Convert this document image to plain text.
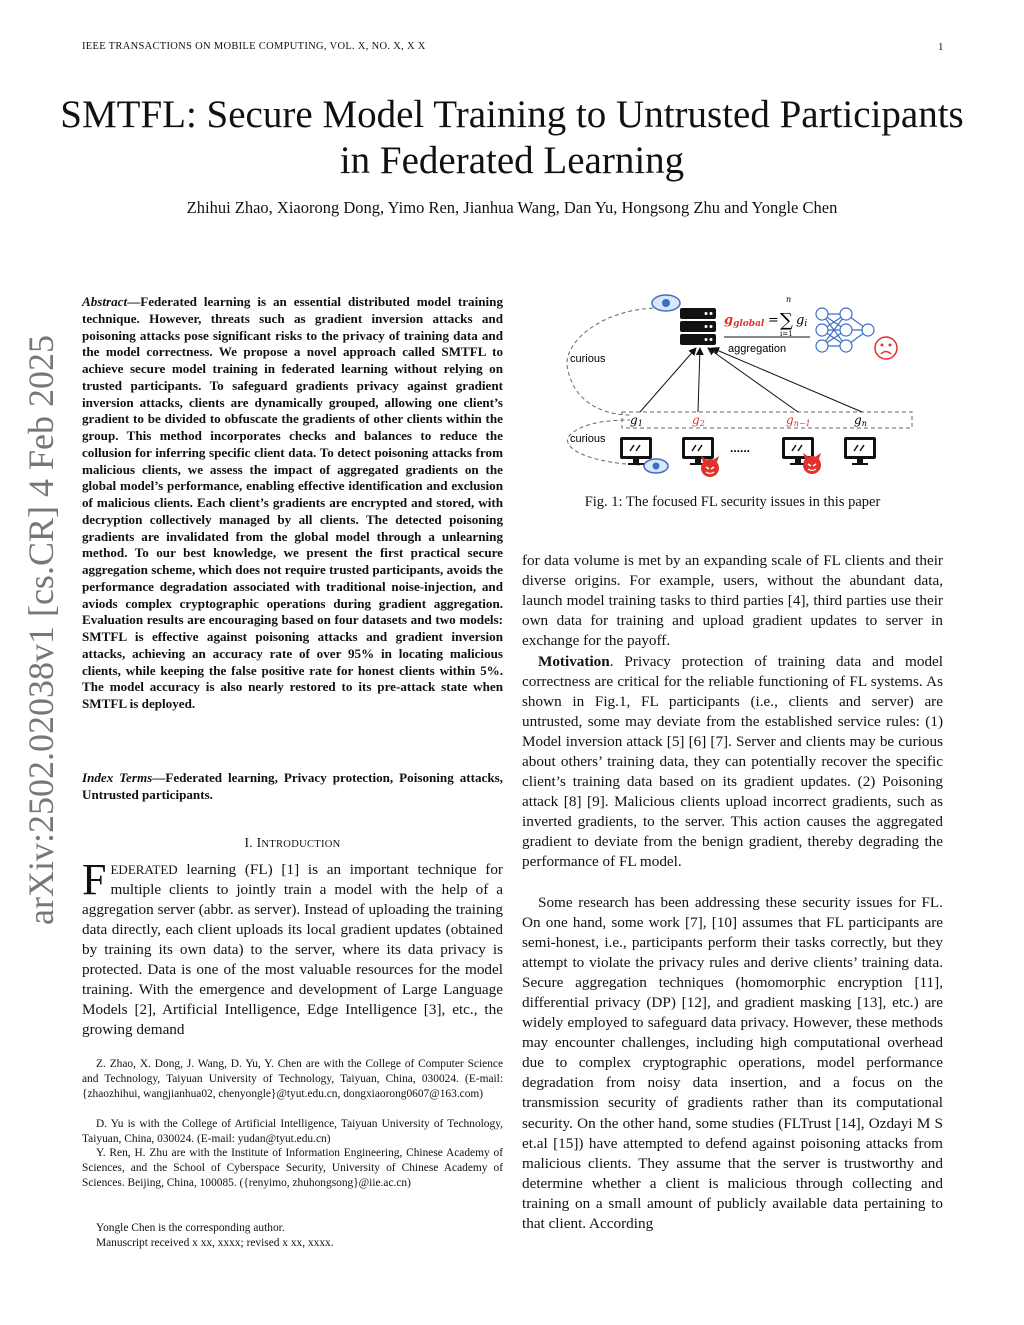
IEEE TRANSACTIONS ON MOBILE COMPUTING, VOL. X, NO. X, X X	1
arXiv:2502.02038v1 [cs.CR] 4 Feb 2025
SMTFL: Secure Model Training to Untrusted Participants in Federated Learning
Zhihui Zhao, Xiaorong Dong, Yimo Ren, Jianhua Wang, Dan Yu, Hongsong Zhu and Yongle Chen
Abstract—Federated learning is an essential distributed model training technique. However, threats such as gradient inversion attacks and poisoning attacks pose significant risks to the privacy of training data and the model correctness. We propose a novel approach called SMTFL to achieve secure model training in federated learning without relying on trusted participants. To safeguard gradients privacy against gradient inversion attacks, clients are dynamically grouped, allowing one client’s gradient to be divided to obfuscate the gradients of other clients within the group. This method incorporates checks and balances to reduce the collusion for inferring specific client data. To detect poisoning attacks from malicious clients, we assess the impact of aggregated gradients on the global model’s performance, enabling effective identification and exclusion of malicious clients. Each client’s gradients are encrypted and stored, with decryption collectively managed by all clients. The detected poisoning gradients are invalidated from the global model through a unlearning method. To our best knowledge, we present the first practical secure aggregation scheme, which does not require trusted participants, avoids the performance degradation associated with traditional noise-injection, and aviods complex cryptographic operations during gradient aggregation. Evaluation results are encouraging based on four datasets and two models: SMTFL is effective against poisoning attacks and gradient inversion attacks, achieving an accuracy rate of over 95% in locating malicious clients, while keeping the false positive rate for honest clients within 5%. The model accuracy is also nearly restored to its pre-attack state when SMTFL is deployed.
Index Terms—Federated learning, Privacy protection, Poisoning attacks, Untrusted participants.
I. INTRODUCTION
FEDERATED learning (FL) [1] is an important technique for multiple clients to jointly train a model with the help of a aggregation server (abbr. as server). Instead of uploading the training data directly, each client uploads its local gradient updates (obtained by training its own data) to the server, where its data privacy is protected. Data is one of the most valuable resources for the model training. With the emergence and development of Large Language Models [2], Artificial Intelligence, Edge Intelligence [3], etc., the growing demand
Z. Zhao, X. Dong, J. Wang, D. Yu, Y. Chen are with the College of Computer Science and Technology, Taiyuan University of Technology, Taiyuan, China, 030024. (E-mail: {zhaozhihui, wangjianhua02, chenyongle}@tyut.edu.cn, dongxiaorong0607@163.com)
D. Yu is with the College of Artificial Intelligence, Taiyuan University of Technology, Taiyuan, China, 030024. (E-mail: yudan@tyut.edu.cn)
Y. Ren, H. Zhu are with the Institute of Information Engineering, Chinese Academy of Sciences, and the School of Cyberspace Security, University of Chinese Academy of Sciences. Beijing, China, 100085. ({renyimo, zhuhongsong}@iie.ac.cn)
Yongle Chen is the corresponding author.
Manuscript received x xx, xxxx; revised x xx, xxxx.
curious
curious
gglobal =
n
∑
i=1
gi
aggregation
g1	g2	gn−1	gn
......
Fig. 1: The focused FL security issues in this paper
for data volume is met by an expanding scale of FL clients and their diverse origins. For example, users, without the abundant data, launch model training tasks to third parties [4], third parties use their own data for training and upload gradient updates to server in exchange for the payoff.
Motivation. Privacy protection of training data and model correctness are critical for the reliable functioning of FL systems. As shown in Fig.1, FL participants (i.e., clients and server) are untrusted, some may deviate from the established service rules: (1) Model inversion attack [5] [6] [7]. Server and clients may be curious about others’ training data, they can potentially recover the specific client’s training data based on its gradient updates. (2) Poisoning attack [8] [9]. Malicious clients upload incorrect gradients, such as inverted gradients, to the server. This action causes the aggregated gradient to deviate from the benign gradient, thereby degrading the performance of FL model.
Some research has been addressing these security issues for FL. On one hand, some work [7], [10] assumes that FL participants are semi-honest, i.e., participants perform their tasks correctly, but they attempt to violate the privacy rules and derive clients’ training data. Secure aggregation techniques (homomorphic encryption [11], differential privacy (DP) [12], and gradient masking [13], etc.) are widely employed to safeguard data privacy. However, these methods may encounter challenges, including high computational overhead due to complex cryptographic operations, model performance degradation from noisy data insertion, and a focus on the transmission security of gradients rather than its computational security. On the other hand, some studies (FLTrust [14], Ozdayi M S et.al [15]) have attempted to defend against poisoning attacks from malicious clients. They assume that the server is trustworthy and determine whether a client is malicious through collecting and training on a small amount of publicly available data pertaining to that client. According
